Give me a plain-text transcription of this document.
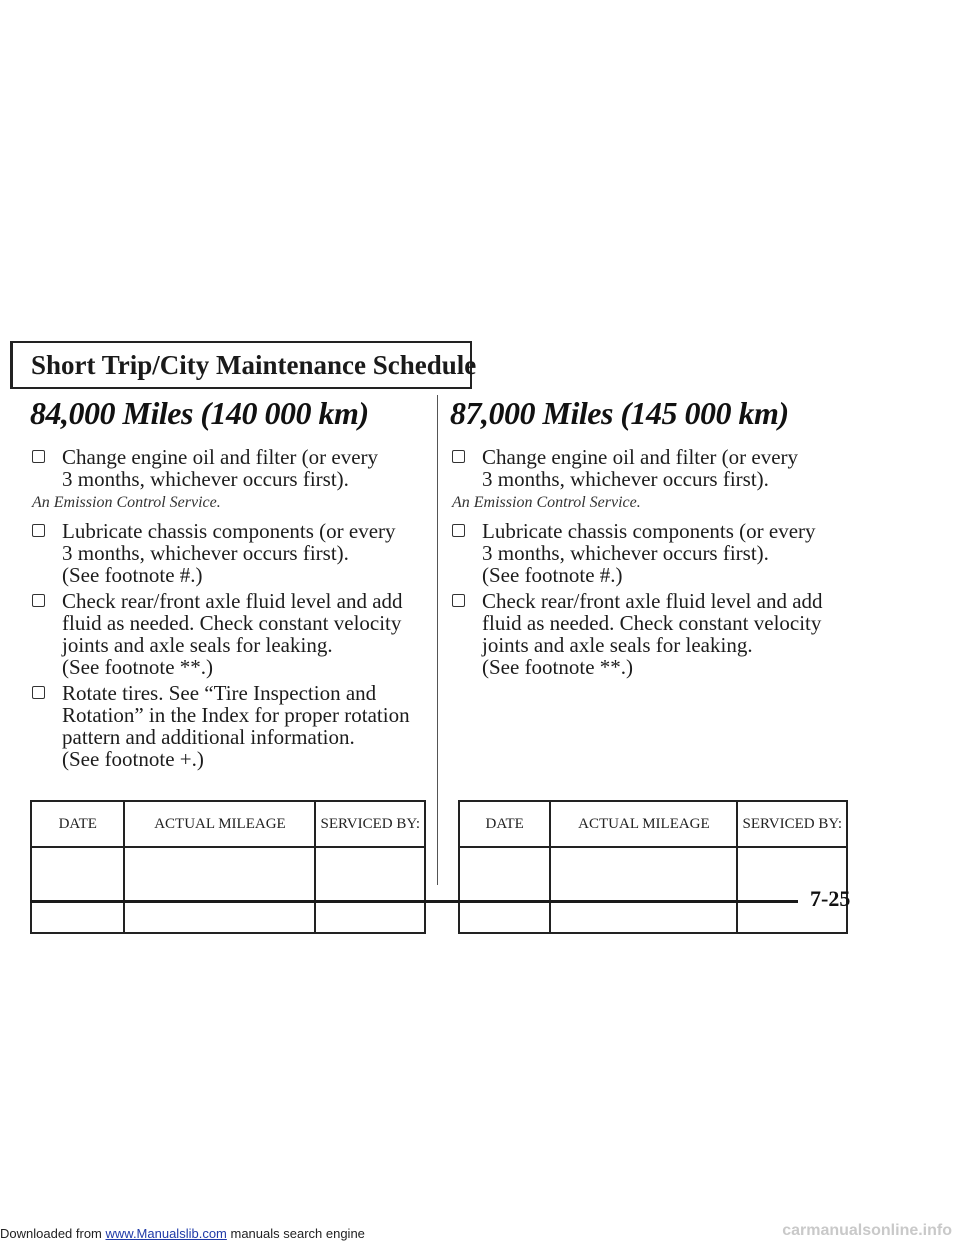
Short Trip/City Maintenance Schedule
84,000 Miles (140 000 km)
Change engine oil and filter (or every
3 months, whichever occurs first).
An Emission Control Service.
Lubricate chassis components (or every
3 months, whichever occurs first).
(See footnote #.)
Check rear/front axle fluid level and add
fluid as needed. Check constant velocity
joints and axle seals for leaking.
(See footnote **.)
Rotate tires. See “Tire Inspection and
Rotation” in the Index for proper rotation
pattern and additional information.
(See footnote +.)
87,000 Miles (145 000 km)
Change engine oil and filter (or every
3 months, whichever occurs first).
An Emission Control Service.
Lubricate chassis components (or every
3 months, whichever occurs first).
(See footnote #.)
Check rear/front axle fluid level and add
fluid as needed. Check constant velocity
joints and axle seals for leaking.
(See footnote **.)
DATE	ACTUAL MILEAGE	SERVICED BY:
			DATE	ACTUAL MILEAGE	SERVICED BY:

7-25
Downloaded from www.Manualslib.com manuals search engine	carmanualsonline.info
